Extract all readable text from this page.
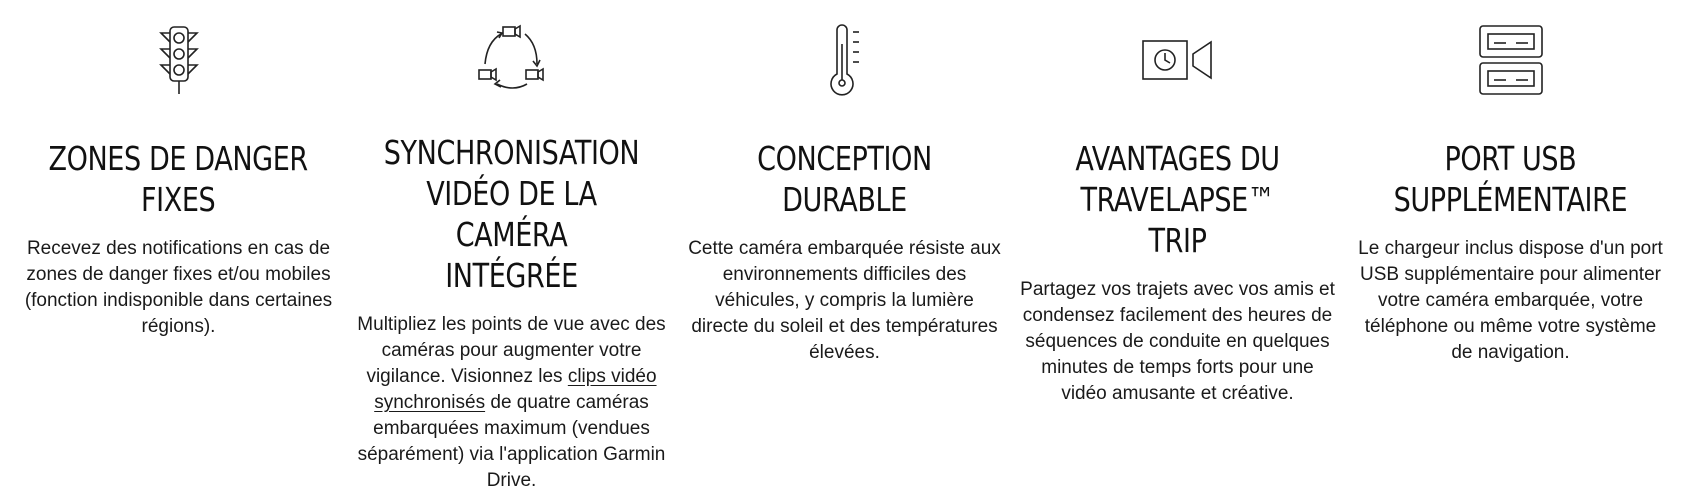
ZONES DE DANGER
FIXES
Recevez des notifications en cas de zones de danger fixes et/ou mobiles (fonction indisponible dans certaines régions).
SYNCHRONISATION
VIDÉO DE LA CAMÉRA
INTÉGRÉE
Multipliez les points de vue avec des caméras pour augmenter votre vigilance. Visionnez les clips vidéo synchronisés de quatre caméras embarquées maximum (vendues séparément) via l'application Garmin Drive.
CONCEPTION DURABLE
Cette caméra embarquée résiste aux environnements difficiles des véhicules, y compris la lumière directe du soleil et des températures élevées.
AVANTAGES DU
TRAVELAPSE™ TRIP
Partagez vos trajets avec vos amis et condensez facilement des heures de séquences de conduite en quelques minutes de temps forts pour une vidéo amusante et créative.
PORT USB
SUPPLÉMENTAIRE
Le chargeur inclus dispose d'un port USB supplémentaire pour alimenter votre caméra embarquée, votre téléphone ou même votre système de navigation.
